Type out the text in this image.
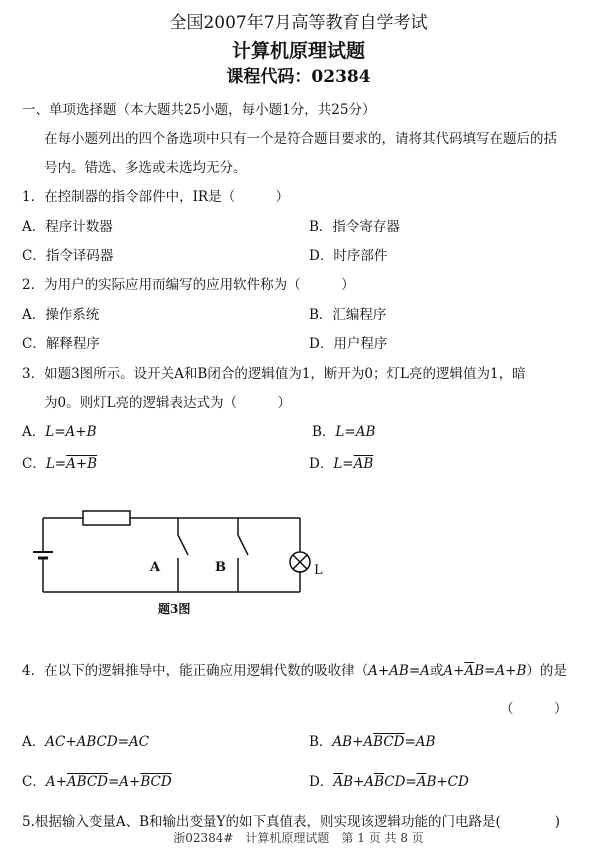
全国2007年7月高等教育自学考试
计算机原理试题
课程代码：02384
一、单项选择题（本大题共25小题，每小题1分，共25分）
在每小题列出的四个备选项中只有一个是符合题目要求的，请将其代码填写在题后的括
号内。错选、多选或未选均无分。
1．在控制器的指令部件中，IR是（　　　）
A．程序计数器	B．指令寄存器
C．指令译码器	D．时序部件
2．为用户的实际应用而编写的应用软件称为（　　　）
A．操作系统	B．汇编程序
C．解释程序	D．用户程序
3．如题3图所示。设开关A和B闭合的逻辑值为1，断开为0；灯L亮的逻辑值为1，暗
为0。则灯L亮的逻辑表达式为（　　　）
A．L=A+B	B．L=AB
C．L=A+B	D．$L=\overline{AB}$
A	B	L
题3图
4．在以下的逻辑推导中，能正确应用逻辑代数的吸收律（A+AB=A或$A+\overline{A}B=A+B$）的是
（　　　）
A．AC+ABCD=AC	B．$AB+A\overline{BCD}=AB$
C．$A+ABCD=A+\overline{BCD}$	D．$\overline{A}B+A\overline{B}CD=\overline{A}B+CD$
5.根据输入变量A、B和输出变量Y的如下真值表，则实现该逻辑功能的门电路是(　　　　)
浙02384#　计算机原理试题　第 1 页 共 8 页
